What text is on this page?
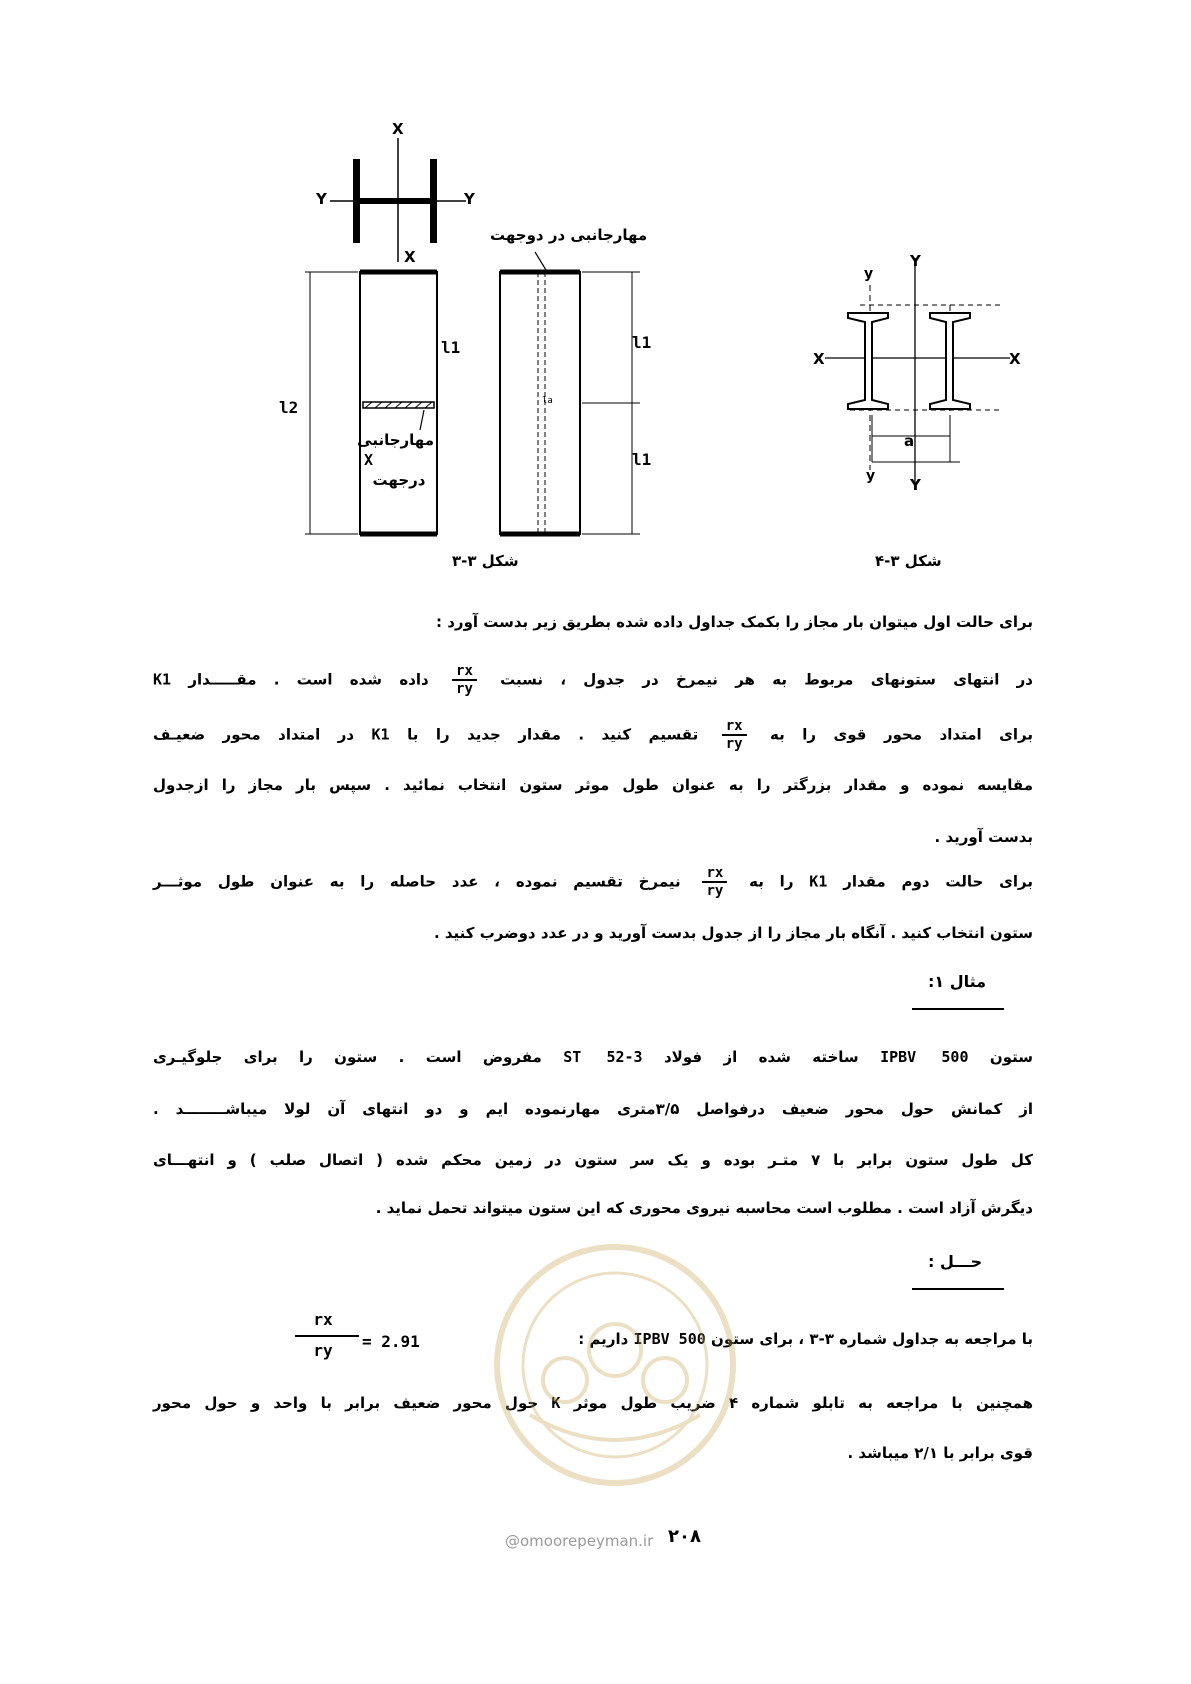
X
Y	Y
X
مهارجانبی در دوجهت
l1
l2
l1
l1
la
مهارجانبی
X
درجهت
شکل ۳-۳
Y
y
X	X
a
y Y
شکل ۳-۴
برای حالت اول میتوان بار مجاز را بکمک جداول داده شده بطریق زیر بدست آورد :
در انتهای ستونهای مربوط به هر نیمرخ در جدول ، نسبت
$\frac{rx}{ry}$
داده شده است . مقـــــدار K1
برای امتداد محور قوی را به
$\frac{rx}{ry}$
تقسیم کنید . مقدار جدید را با K1 در امتداد محور ضعیـف
مقایسه نموده و مقدار بزرگتر را به عنوان طول موثر ستون انتخاب نمائید . سپس بار مجاز را ازجدول
بدست آورید .
برای حالت دوم مقدار K1 را به
$\frac{rx}{ry}$
نیمرخ تقسیم نموده ، عدد حاصله را به عنوان طول موثـــر
ستون انتخاب کنید . آنگاه بار مجاز را از جدول بدست آورید و در عدد دوضرب کنید .
مثال ۱:
ستون IPBV 500 ساخته شده از فولاد ST 52-3 مفروض است . ستون را برای جلوگیـری
از کمانش حول محور ضعیف درفواصل ۳/۵متری مهارنموده ایم و دو انتهای آن لولا میباشــــــــد .
کل طول ستون برابر با ۷ متـر بوده و یک سر ستون در زمین محکم شده ( اتصال صلب ) و انتهـــای
دیگرش آزاد است . مطلوب است محاسبه نیروی محوری که این ستون میتواند تحمل نماید .
حـــل :
rx
ry	= 2.91	با مراجعه به جداول شماره ۳-۳ ، برای ستون IPBV 500 داریم :
همچنین با مراجعه به تابلو شماره ۴ ضریب طول موثر K حول محور ضعیف برابر با واحد و حول محور
قوی برابر با ۲/۱ میباشد .
@omoorepeyman.ir ۲۰۸
